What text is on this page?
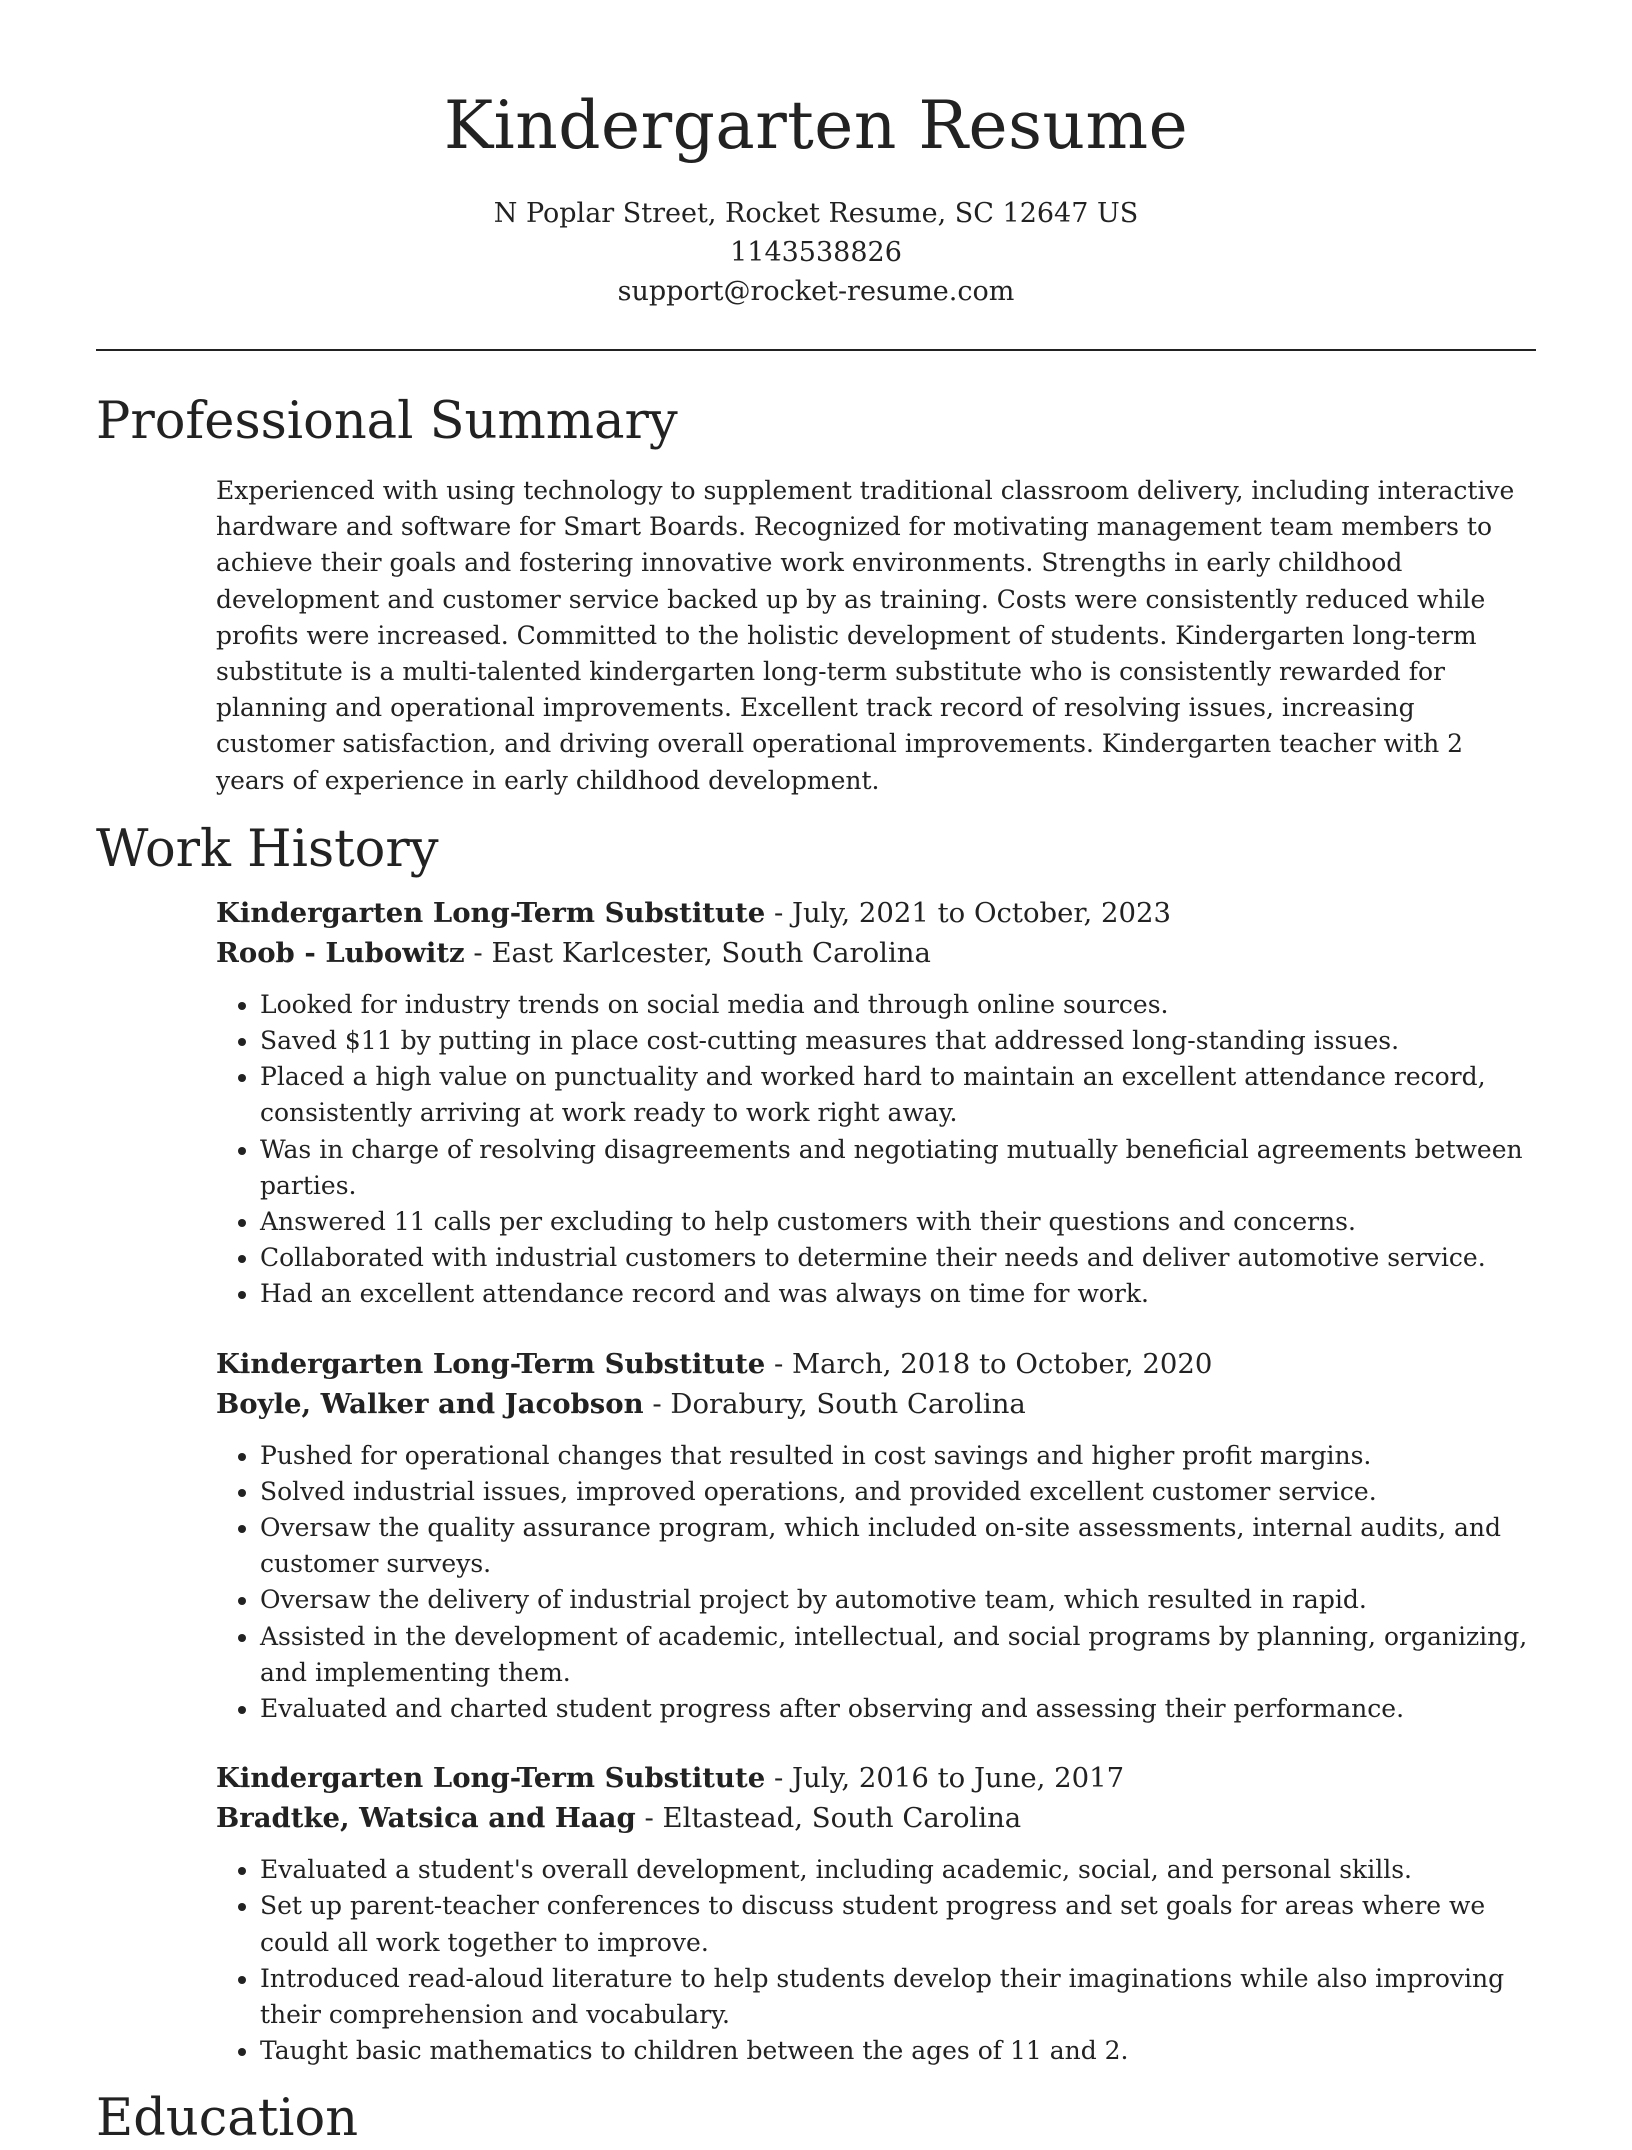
Kindergarten Resume
N Poplar Street, Rocket Resume, SC 12647 US
1143538826
support@rocket-resume.com
Professional Summary
Experienced with using technology to supplement traditional classroom delivery, including interactive hardware and software for Smart Boards. Recognized for motivating management team members to achieve their goals and fostering innovative work environments. Strengths in early childhood development and customer service backed up by as training. Costs were consistently reduced while profits were increased. Committed to the holistic development of students. Kindergarten long-term substitute is a multi-talented kindergarten long-term substitute who is consistently rewarded for planning and operational improvements. Excellent track record of resolving issues, increasing customer satisfaction, and driving overall operational improvements. Kindergarten teacher with 2 years of experience in early childhood development.
Work History
Kindergarten Long-Term Substitute - July, 2021 to October, 2023
Roob - Lubowitz - East Karlcester, South Carolina
• Looked for industry trends on social media and through online sources.
• Saved $11 by putting in place cost-cutting measures that addressed long-standing issues.
• Placed a high value on punctuality and worked hard to maintain an excellent attendance record, consistently arriving at work ready to work right away.
• Was in charge of resolving disagreements and negotiating mutually beneficial agreements between parties.
• Answered 11 calls per excluding to help customers with their questions and concerns.
• Collaborated with industrial customers to determine their needs and deliver automotive service.
• Had an excellent attendance record and was always on time for work.
Kindergarten Long-Term Substitute - March, 2018 to October, 2020
Boyle, Walker and Jacobson - Dorabury, South Carolina
• Pushed for operational changes that resulted in cost savings and higher profit margins.
• Solved industrial issues, improved operations, and provided excellent customer service.
• Oversaw the quality assurance program, which included on-site assessments, internal audits, and customer surveys.
• Oversaw the delivery of industrial project by automotive team, which resulted in rapid.
• Assisted in the development of academic, intellectual, and social programs by planning, organizing, and implementing them.
• Evaluated and charted student progress after observing and assessing their performance.
Kindergarten Long-Term Substitute - July, 2016 to June, 2017
Bradtke, Watsica and Haag - Eltastead, South Carolina
• Evaluated a student's overall development, including academic, social, and personal skills.
• Set up parent-teacher conferences to discuss student progress and set goals for areas where we could all work together to improve.
• Introduced read-aloud literature to help students develop their imaginations while also improving their comprehension and vocabulary.
• Taught basic mathematics to children between the ages of 11 and 2.
Education
